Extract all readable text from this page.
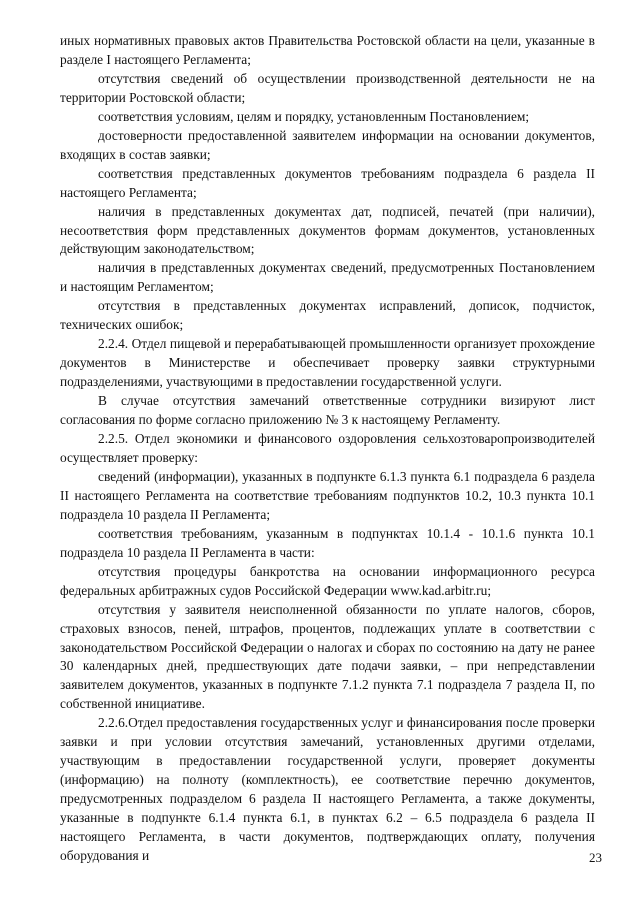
иных нормативных правовых актов Правительства Ростовской области на цели, указанные в разделе I настоящего Регламента;

отсутствия сведений об осуществлении производственной деятельности не на территории Ростовской области;

соответствия условиям, целям и порядку, установленным Постановлением;

достоверности предоставленной заявителем информации на основании документов, входящих в состав заявки;

соответствия представленных документов требованиям подраздела 6 раздела II настоящего Регламента;

наличия в представленных документах дат, подписей, печатей (при наличии), несоответствия форм представленных документов формам документов, установленных действующим законодательством;

наличия в представленных документах сведений, предусмотренных Постановлением и настоящим Регламентом;

отсутствия в представленных документах исправлений, дописок, подчисток, технических ошибок;

2.2.4. Отдел пищевой и перерабатывающей промышленности организует прохождение документов в Министерстве и обеспечивает проверку заявки структурными подразделениями, участвующими в предоставлении государственной услуги.

В случае отсутствия замечаний ответственные сотрудники визируют лист согласования по форме согласно приложению № 3 к настоящему Регламенту.

2.2.5. Отдел экономики и финансового оздоровления сельхозтоваропроизводителей осуществляет проверку:

сведений (информации), указанных в подпункте 6.1.3 пункта 6.1 подраздела 6 раздела II настоящего Регламента на соответствие требованиям подпунктов 10.2, 10.3 пункта 10.1 подраздела 10 раздела II Регламента;

соответствия требованиям, указанным в подпунктах 10.1.4 - 10.1.6 пункта 10.1 подраздела 10 раздела II Регламента в части:

отсутствия процедуры банкротства на основании информационного ресурса федеральных арбитражных судов Российской Федерации www.kad.arbitr.ru;

отсутствия у заявителя неисполненной обязанности по уплате налогов, сборов, страховых взносов, пеней, штрафов, процентов, подлежащих уплате в соответствии с законодательством Российской Федерации о налогах и сборах по состоянию на дату не ранее 30 календарных дней, предшествующих дате подачи заявки, – при непредставлении заявителем документов, указанных в подпункте 7.1.2 пункта 7.1 подраздела 7 раздела II, по собственной инициативе.

2.2.6.Отдел предоставления государственных услуг и финансирования после проверки заявки и при условии отсутствия замечаний, установленных другими отделами, участвующим в предоставлении государственной услуги, проверяет документы (информацию) на полноту (комплектность), ее соответствие перечню документов, предусмотренных подразделом 6 раздела II настоящего Регламента, а также документы, указанные в подпункте 6.1.4 пункта 6.1, в пунктах 6.2 – 6.5 подраздела 6 раздела II настоящего Регламента, в части документов, подтверждающих оплату, получения оборудования и	23
